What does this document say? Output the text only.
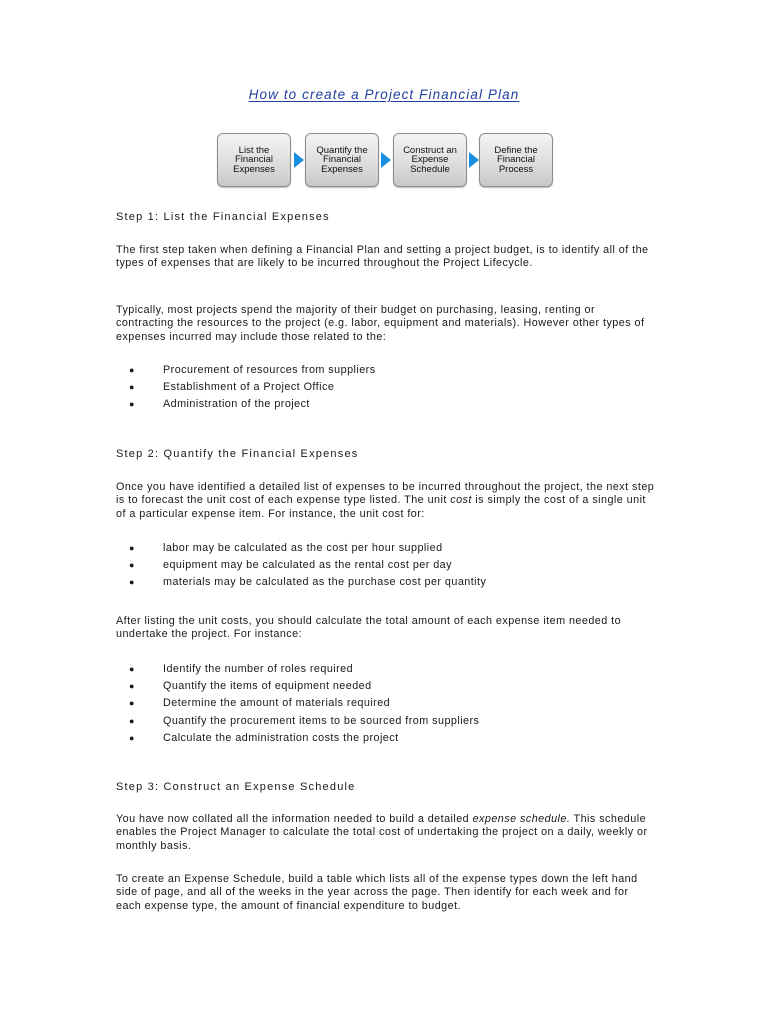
How to create a Project Financial Plan
List the
Financial
Expenses
Quantify the
Financial
Expenses
Construct an
Expense
Schedule
Define the
Financial
Process
Step 1: List the Financial Expenses
The first step taken when defining a Financial Plan and setting a project budget, is to identify all of the types of expenses that are likely to be incurred throughout the Project Lifecycle.
Typically, most projects spend the majority of their budget on purchasing, leasing, renting or contracting the resources to the project (e.g. labor, equipment and materials). However other types of expenses incurred may include those related to the:
●	Procurement of resources from suppliers
●	Establishment of a Project Office
●	Administration of the project
Step 2: Quantify the Financial Expenses
Once you have identified a detailed list of expenses to be incurred throughout the project, the next step is to forecast the unit cost of each expense type listed. The unit cost is simply the cost of a single unit of a particular expense item. For instance, the unit cost for:
●	labor may be calculated as the cost per hour supplied
●	equipment may be calculated as the rental cost per day
●	materials may be calculated as the purchase cost per quantity
After listing the unit costs, you should calculate the total amount of each expense item needed to undertake the project. For instance:
●	Identify the number of roles required
●	Quantify the items of equipment needed
●	Determine the amount of materials required
●	Quantify the procurement items to be sourced from suppliers
●	Calculate the administration costs the project
Step 3: Construct an Expense Schedule
You have now collated all the information needed to build a detailed expense schedule. This schedule enables the Project Manager to calculate the total cost of undertaking the project on a daily, weekly or monthly basis.
To create an Expense Schedule, build a table which lists all of the expense types down the left hand side of page, and all of the weeks in the year across the page. Then identify for each week and for each expense type, the amount of financial expenditure to budget.
